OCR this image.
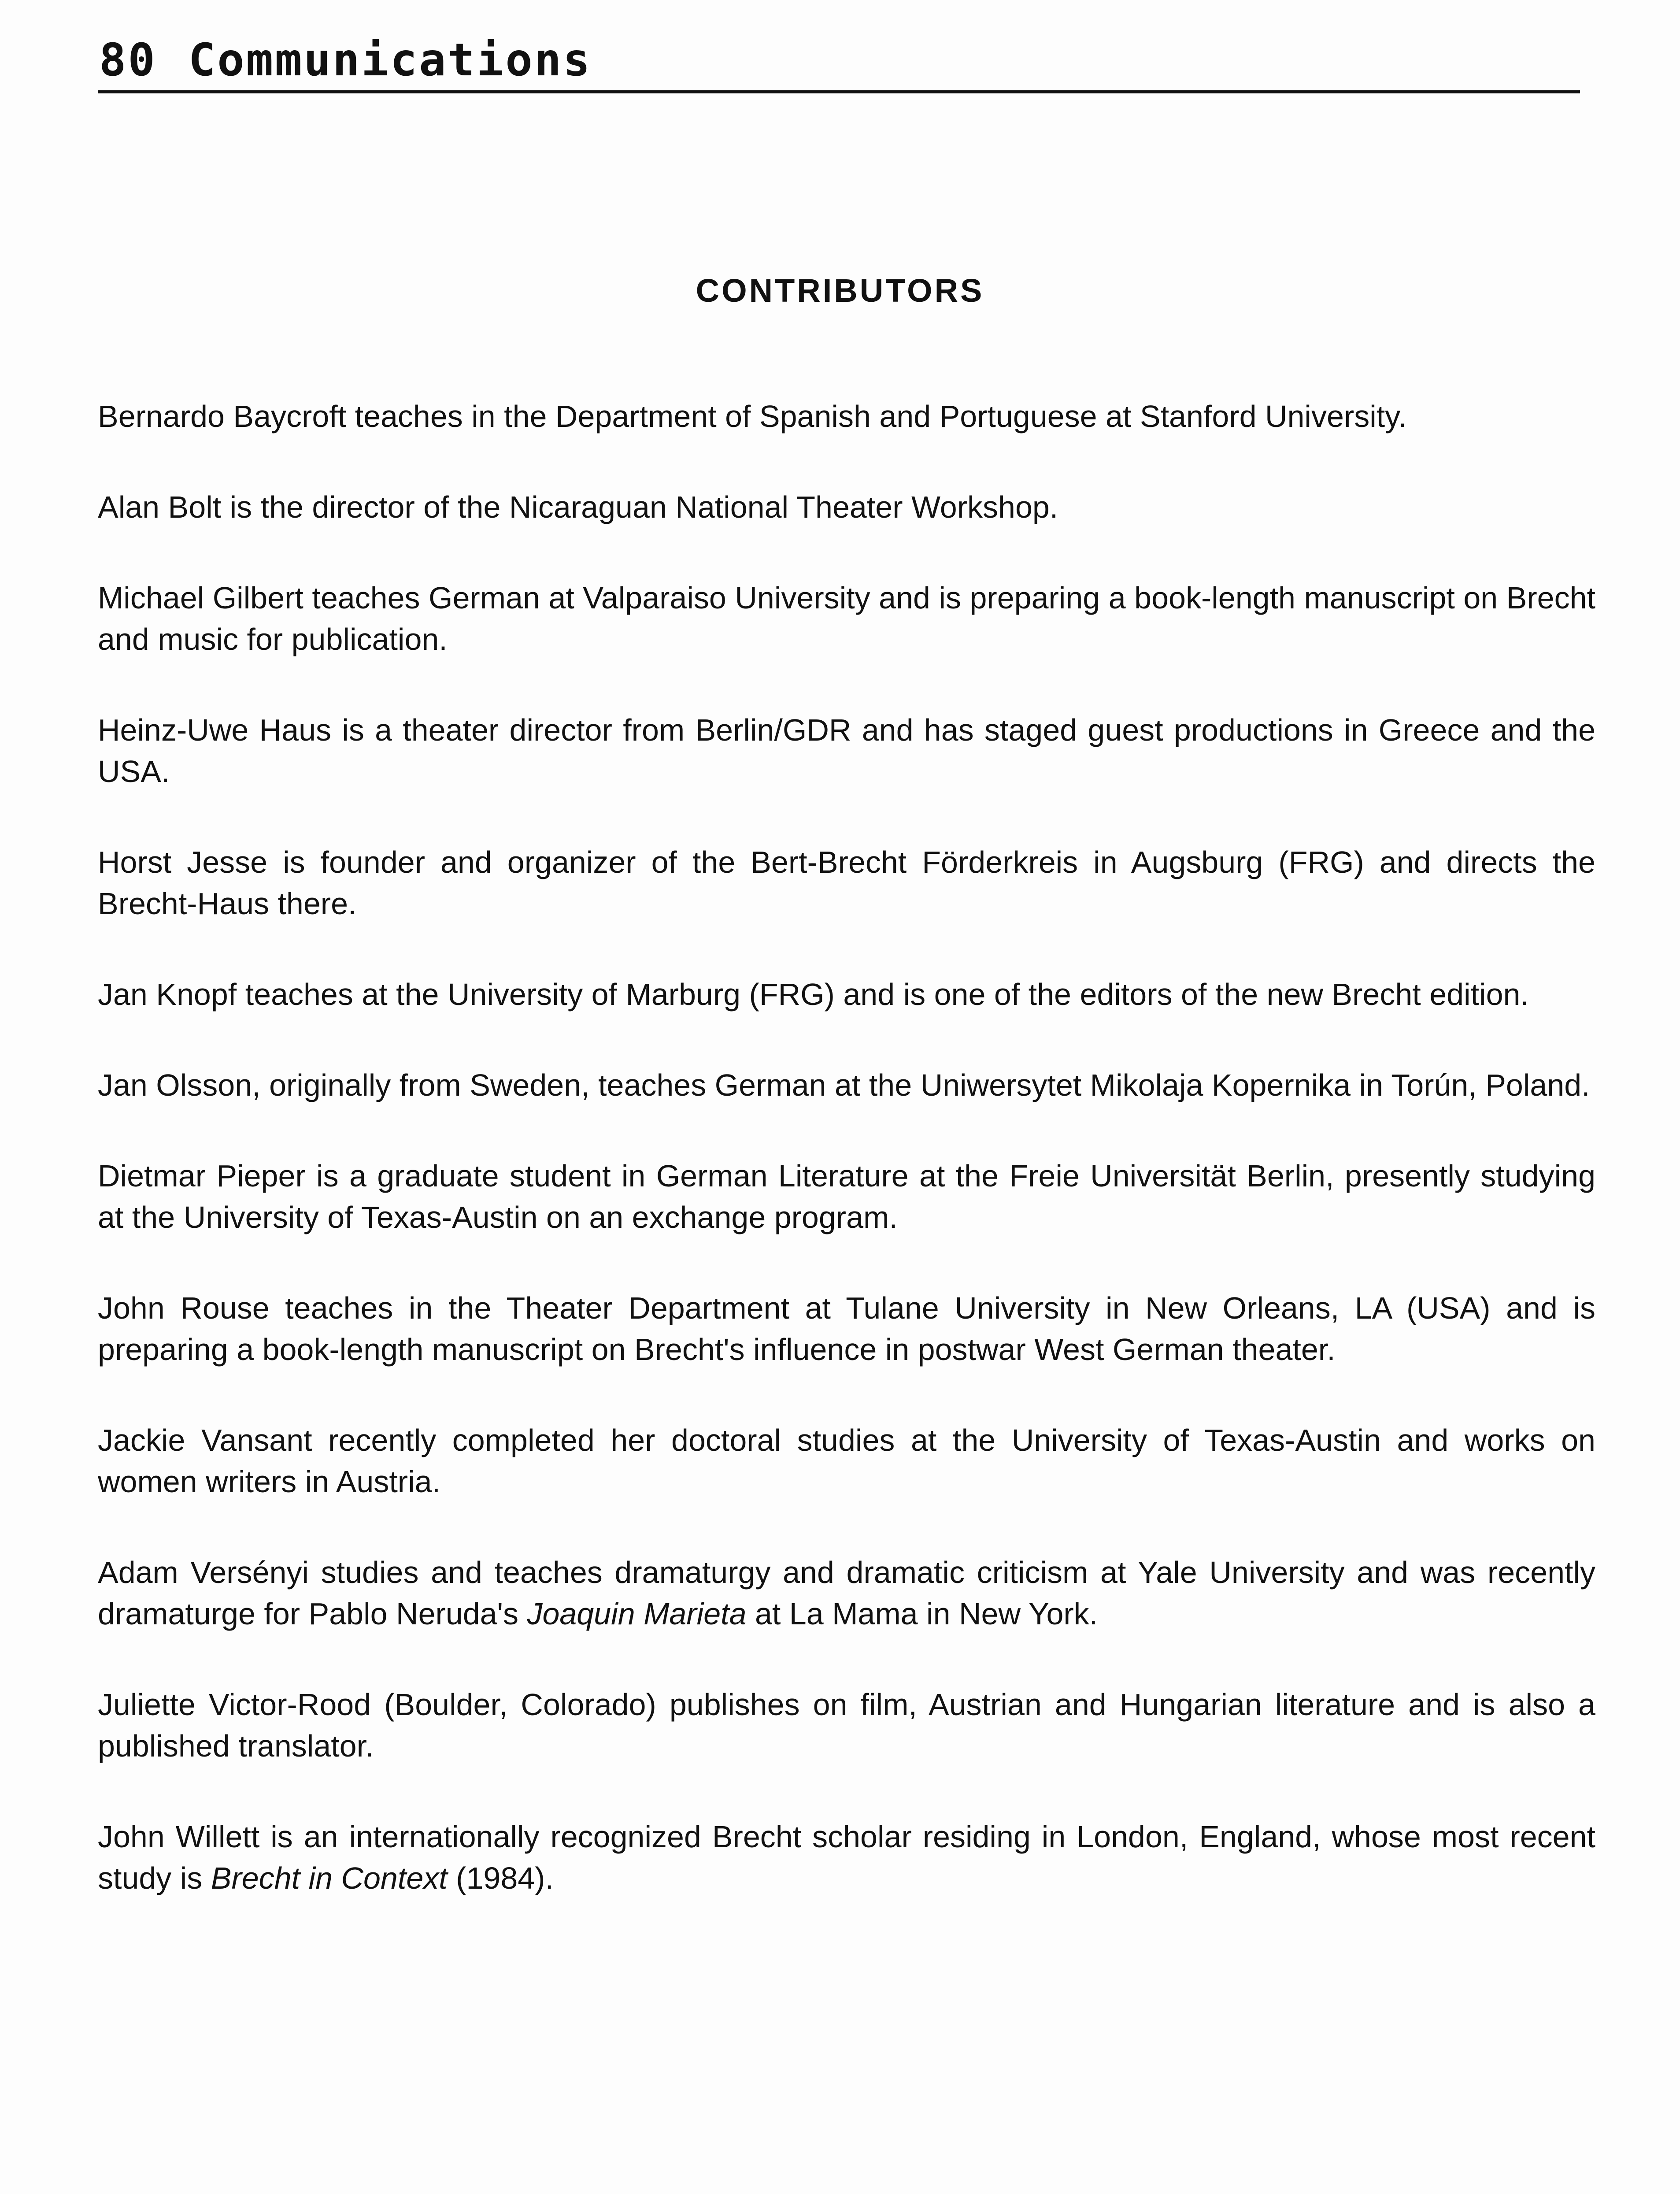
80 Communications
CONTRIBUTORS
Bernardo Baycroft teaches in the Department of Spanish and Portuguese at Stanford University.
Alan Bolt is the director of the Nicaraguan National Theater Workshop.
Michael Gilbert teaches German at Valparaiso University and is preparing a book-length manuscript on Brecht and music for publication.
Heinz-Uwe Haus is a theater director from Berlin/GDR and has staged guest productions in Greece and the USA.
Horst Jesse is founder and organizer of the Bert-Brecht Förderkreis in Augsburg (FRG) and directs the Brecht-Haus there.
Jan Knopf teaches at the University of Marburg (FRG) and is one of the editors of the new Brecht edition.
Jan Olsson, originally from Sweden, teaches German at the Uniwersytet Mikolaja Kopernika in Torún, Poland.
Dietmar Pieper is a graduate student in German Literature at the Freie Universität Berlin, presently studying at the University of Texas-Austin on an exchange program.
John Rouse teaches in the Theater Department at Tulane University in New Orleans, LA (USA) and is preparing a book-length manuscript on Brecht's influence in postwar West German theater.
Jackie Vansant recently completed her doctoral studies at the University of Texas-Austin and works on women writers in Austria.
Adam Versényi studies and teaches dramaturgy and dramatic criticism at Yale University and was recently dramaturge for Pablo Neruda's Joaquin Marieta at La Mama in New York.
Juliette Victor-Rood (Boulder, Colorado) publishes on film, Austrian and Hungarian literature and is also a published translator.
John Willett is an internationally recognized Brecht scholar residing in London, England, whose most recent study is Brecht in Context (1984).
